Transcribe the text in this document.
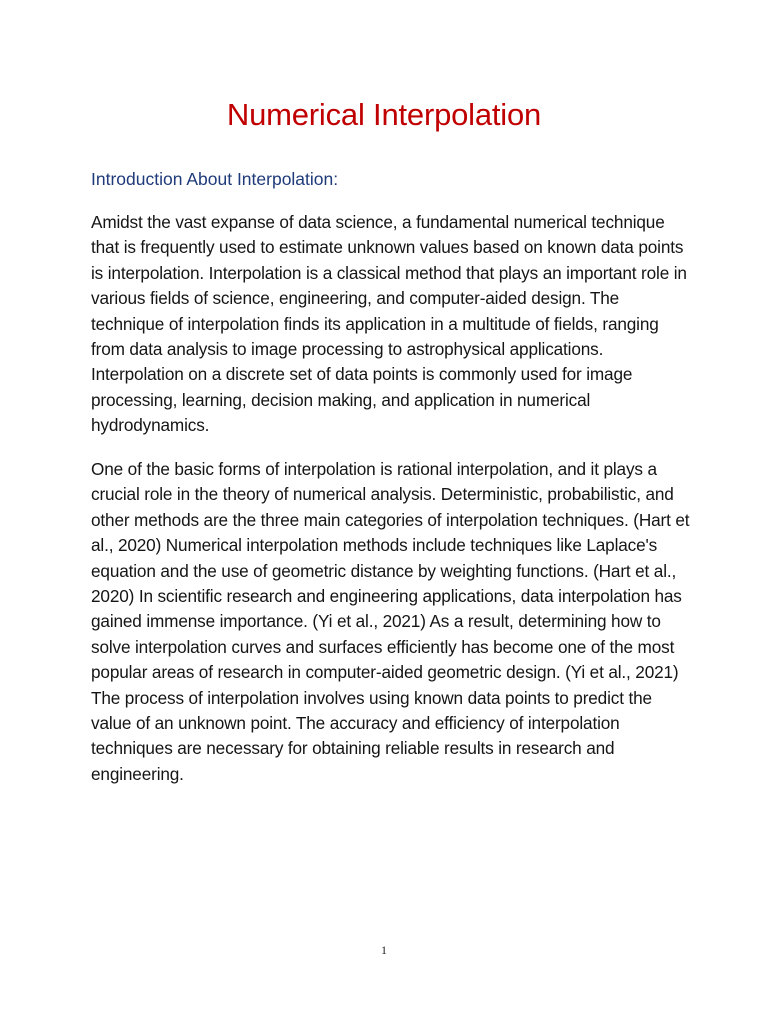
Numerical Interpolation
Introduction About Interpolation:

Amidst the vast expanse of data science, a fundamental numerical technique that is frequently used to estimate unknown values based on known data points is interpolation. Interpolation is a classical method that plays an important role in various fields of science, engineering, and computer-aided design. The technique of interpolation finds its application in a multitude of fields, ranging from data analysis to image processing to astrophysical applications. Interpolation on a discrete set of data points is commonly used for image processing, learning, decision making, and application in numerical hydrodynamics.

One of the basic forms of interpolation is rational interpolation, and it plays a crucial role in the theory of numerical analysis. Deterministic, probabilistic, and other methods are the three main categories of interpolation techniques. (Hart et al., 2020) Numerical interpolation methods include techniques like Laplace's equation and the use of geometric distance by weighting functions. (Hart et al., 2020) In scientific research and engineering applications, data interpolation has gained immense importance. (Yi et al., 2021) As a result, determining how to solve interpolation curves and surfaces efficiently has become one of the most popular areas of research in computer-aided geometric design. (Yi et al., 2021) The process of interpolation involves using known data points to predict the value of an unknown point. The accuracy and efficiency of interpolation techniques are necessary for obtaining reliable results in research and engineering.

1
